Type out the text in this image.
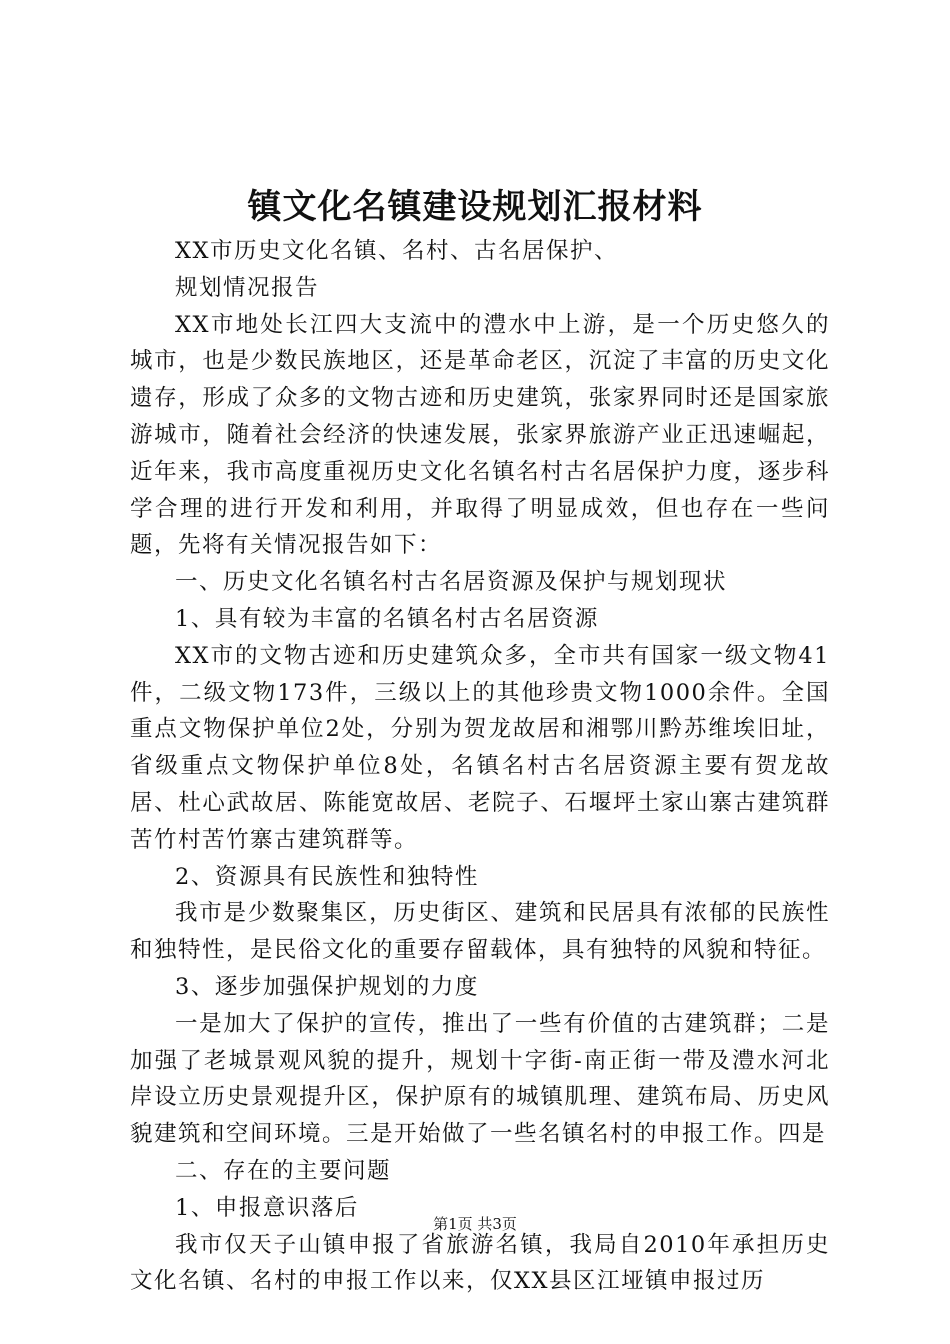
镇文化名镇建设规划汇报材料

XX市历史文化名镇、名村、古名居保护、

规划情况报告

XX市地处长江四大支流中的澧水中上游，是一个历史悠久的城市，也是少数民族地区，还是革命老区，沉淀了丰富的历史文化遗存，形成了众多的文物古迹和历史建筑，张家界同时还是国家旅游城市，随着社会经济的快速发展，张家界旅游产业正迅速崛起，近年来，我市高度重视历史文化名镇名村古名居保护力度，逐步科学合理的进行开发和利用，并取得了明显成效，但也存在一些问题，先将有关情况报告如下：

一、历史文化名镇名村古名居资源及保护与规划现状

1、具有较为丰富的名镇名村古名居资源

XX市的文物古迹和历史建筑众多，全市共有国家一级文物41件，二级文物173件，三级以上的其他珍贵文物1000余件。全国重点文物保护单位2处，分别为贺龙故居和湘鄂川黔苏维埃旧址，省级重点文物保护单位8处，名镇名村古名居资源主要有贺龙故居、杜心武故居、陈能宽故居、老院子、石堰坪土家山寨古建筑群苦竹村苦竹寨古建筑群等。

2、资源具有民族性和独特性

我市是少数聚集区，历史街区、建筑和民居具有浓郁的民族性和独特性，是民俗文化的重要存留载体，具有独特的风貌和特征。

3、逐步加强保护规划的力度

一是加大了保护的宣传，推出了一些有价值的古建筑群；二是加强了老城景观风貌的提升，规划十字街-南正街一带及澧水河北岸设立历史景观提升区，保护原有的城镇肌理、建筑布局、历史风貌建筑和空间环境。三是开始做了一些名镇名村的申报工作。四是

二、存在的主要问题

1、申报意识落后

我市仅天子山镇申报了省旅游名镇，我局自2010年承担历史文化名镇、名村的申报工作以来，仅XX县区江垭镇申报过历

第1页 共3页
